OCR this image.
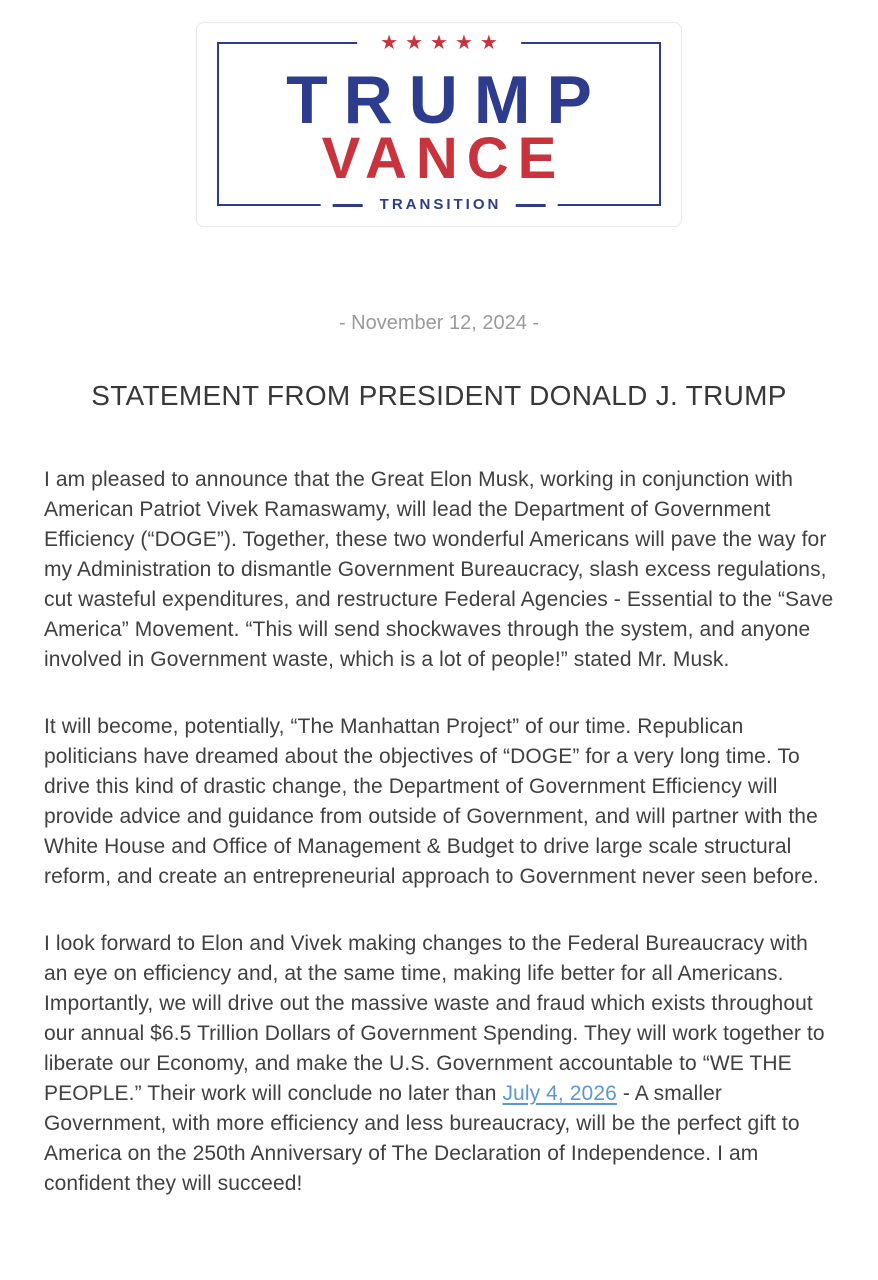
★★★★★
TRUMP
VANCE
TRANSITION
- November 12, 2024 -
STATEMENT FROM PRESIDENT DONALD J. TRUMP

I am pleased to announce that the Great Elon Musk, working in conjunction with American Patriot Vivek Ramaswamy, will lead the Department of Government Efficiency (“DOGE”). Together, these two wonderful Americans will pave the way for my Administration to dismantle Government Bureaucracy, slash excess regulations, cut wasteful expenditures, and restructure Federal Agencies - Essential to the “Save America” Movement. “This will send shockwaves through the system, and anyone involved in Government waste, which is a lot of people!” stated Mr. Musk.

It will become, potentially, “The Manhattan Project” of our time. Republican politicians have dreamed about the objectives of “DOGE” for a very long time. To drive this kind of drastic change, the Department of Government Efficiency will provide advice and guidance from outside of Government, and will partner with the White House and Office of Management & Budget to drive large scale structural reform, and create an entrepreneurial approach to Government never seen before.

I look forward to Elon and Vivek making changes to the Federal Bureaucracy with an eye on efficiency and, at the same time, making life better for all Americans. Importantly, we will drive out the massive waste and fraud which exists throughout our annual $6.5 Trillion Dollars of Government Spending. They will work together to liberate our Economy, and make the U.S. Government accountable to “WE THE PEOPLE.” Their work will conclude no later than July 4, 2026 - A smaller Government, with more efficiency and less bureaucracy, will be the perfect gift to America on the 250th Anniversary of The Declaration of Independence. I am confident they will succeed!
